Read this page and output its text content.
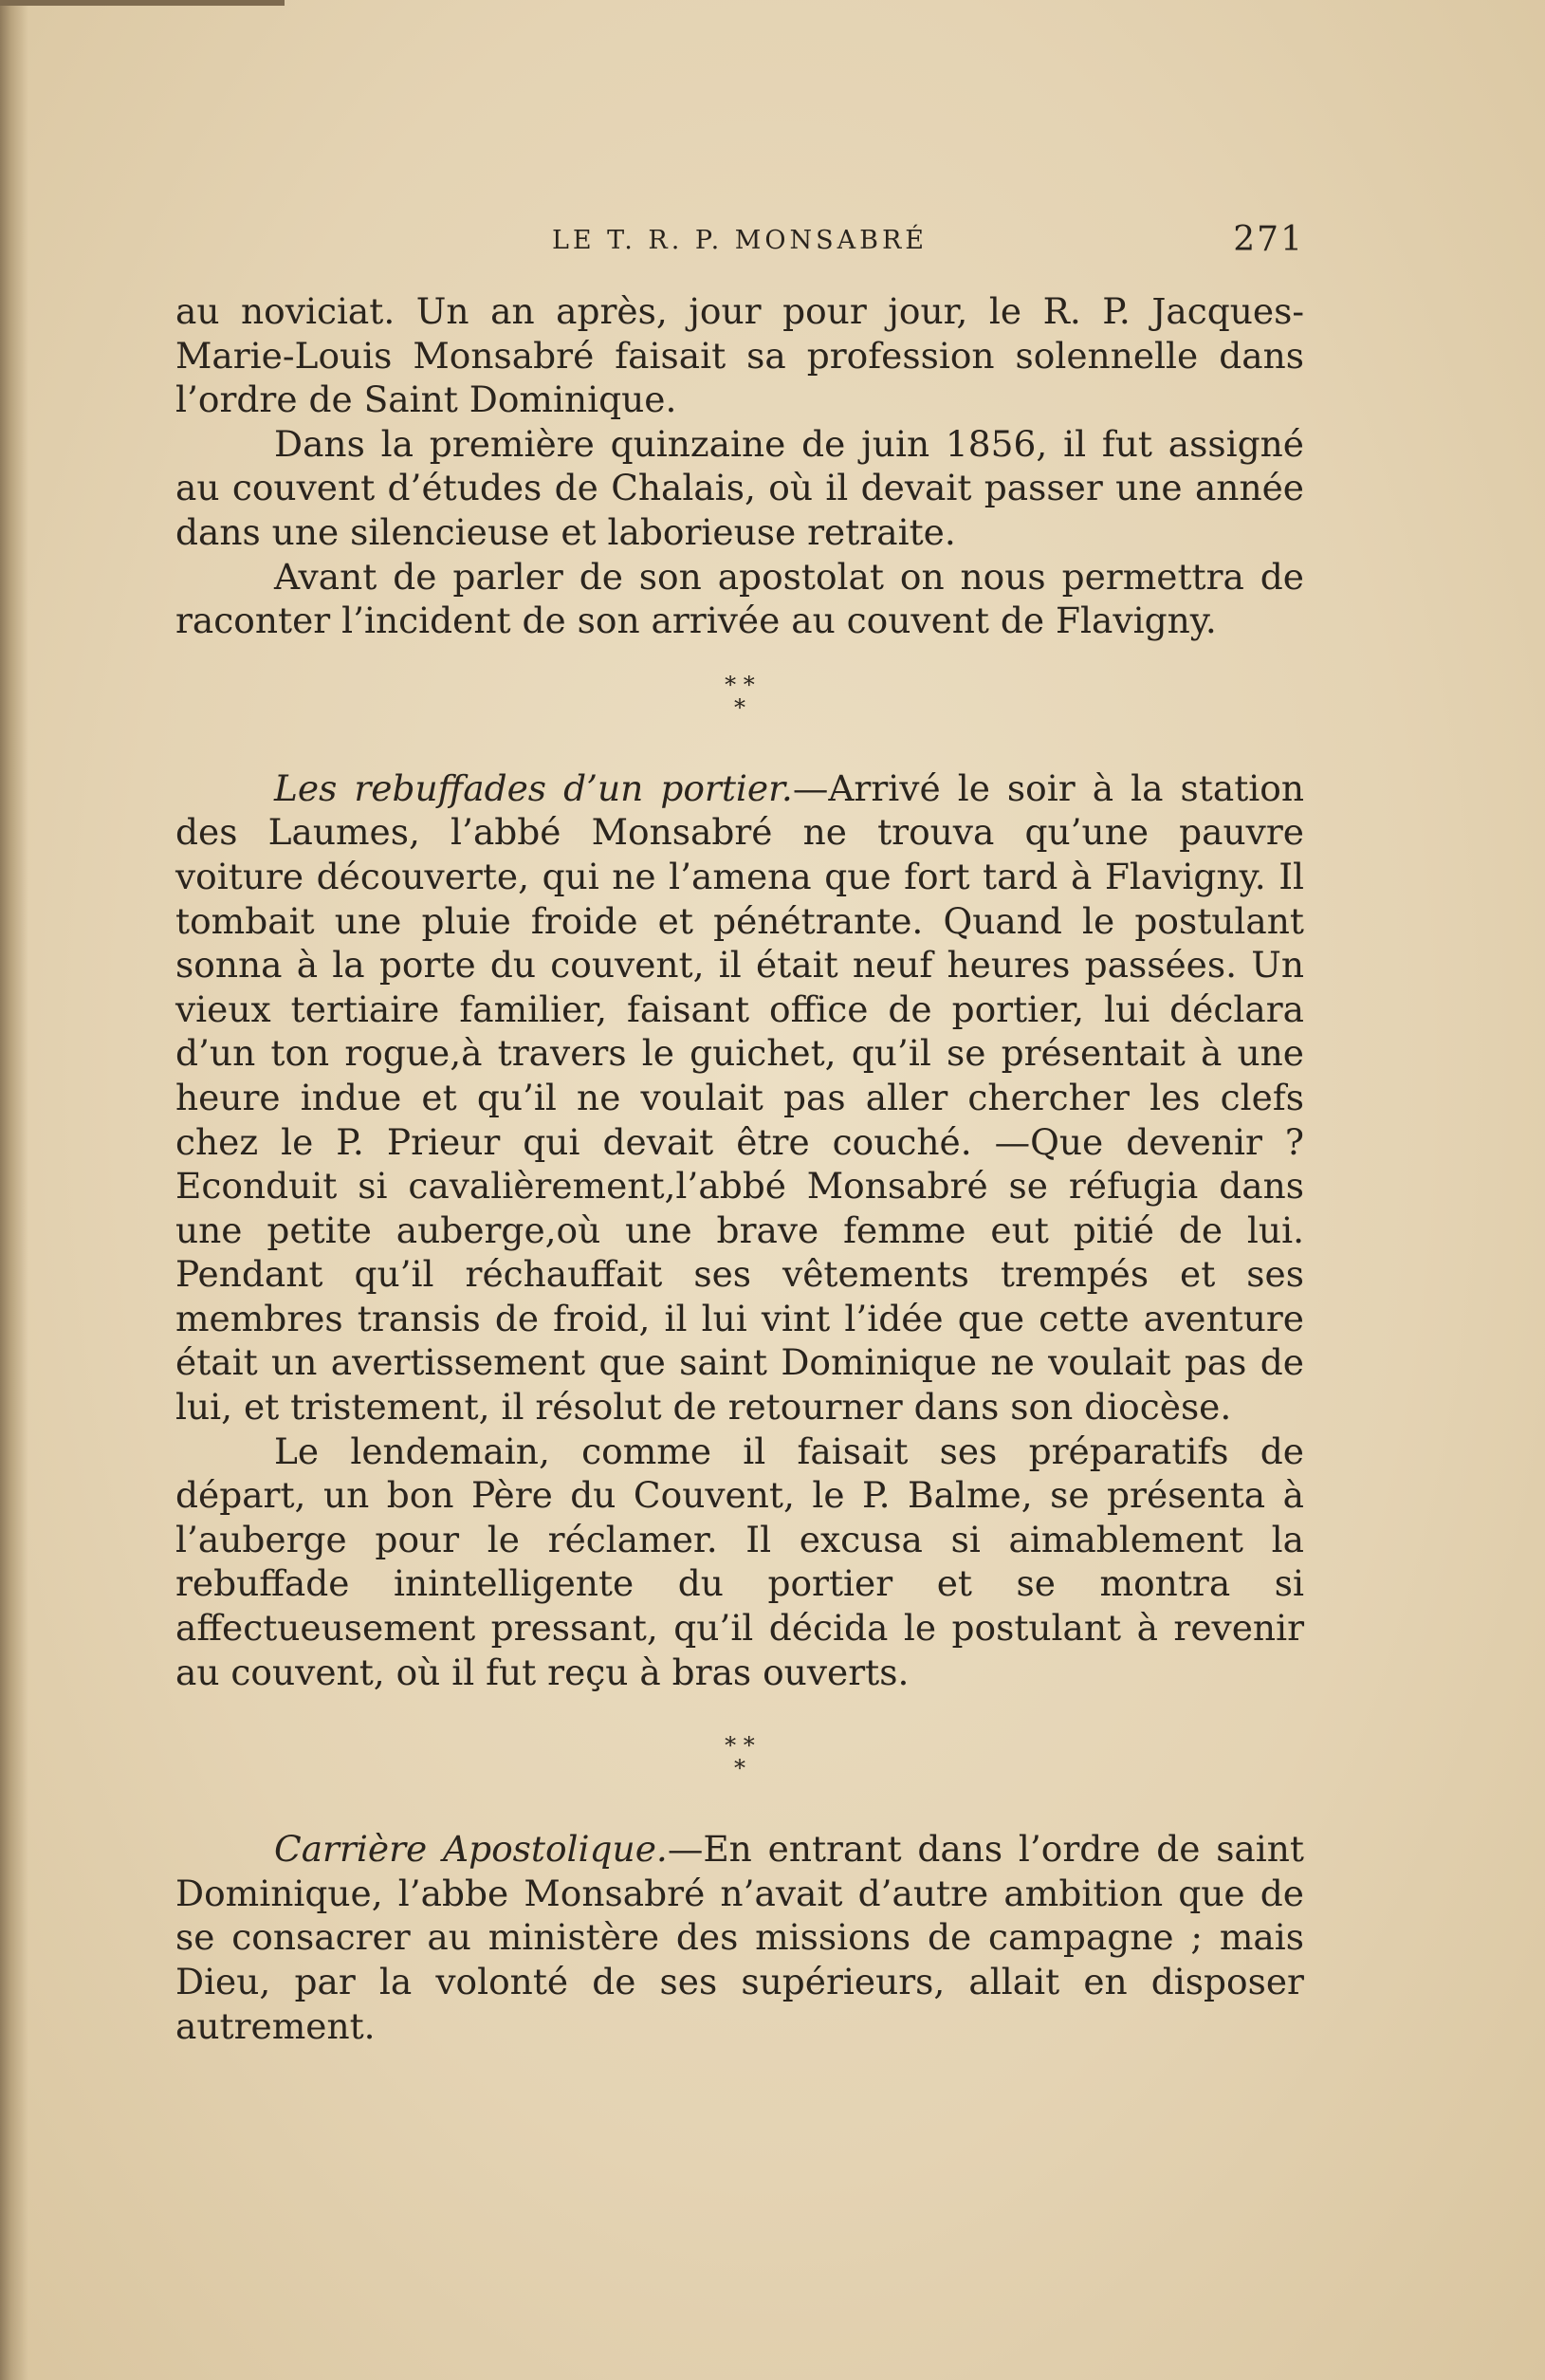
LE T. R. P. MONSABRÉ	271

au noviciat. Un an après, jour pour jour, le R. P. Jacques-Marie-Louis Monsabré faisait sa profession solennelle dans l’ordre de Saint Dominique.

Dans la première quinzaine de juin 1856, il fut assigné au couvent d’études de Chalais, où il devait passer une année dans une silencieuse et laborieuse retraite.

Avant de parler de son apostolat on nous permettra de raconter l’incident de son arrivée au couvent de Flavigny.

* *
*

Les rebuffades d’un portier.—Arrivé le soir à la station des Laumes, l’abbé Monsabré ne trouva qu’une pauvre voiture découverte, qui ne l’amena que fort tard à Flavigny. Il tombait une pluie froide et pénétrante. Quand le postulant sonna à la porte du couvent, il était neuf heures passées. Un vieux tertiaire familier, faisant office de portier, lui déclara d’un ton rogue,à travers le guichet, qu’il se présentait à une heure indue et qu’il ne voulait pas aller chercher les clefs chez le P. Prieur qui devait être couché. —Que devenir ? Econduit si cavalièrement,l’abbé Monsabré se réfugia dans une petite auberge,où une brave femme eut pitié de lui. Pendant qu’il réchauffait ses vêtements trempés et ses membres transis de froid, il lui vint l’idée que cette aventure était un avertissement que saint Dominique ne voulait pas de lui, et tristement, il résolut de retourner dans son diocèse.

Le lendemain, comme il faisait ses préparatifs de départ, un bon Père du Couvent, le P. Balme, se présenta à l’auberge pour le réclamer. Il excusa si aimablement la rebuffade inintelligente du portier et se montra si affectueusement pressant, qu’il décida le postulant à revenir au couvent, où il fut reçu à bras ouverts.

* *
*

Carrière Apostolique.—En entrant dans l’ordre de saint Dominique, l’abbe Monsabré n’avait d’autre ambition que de se consacrer au ministère des missions de campagne ; mais Dieu, par la volonté de ses supérieurs, allait en disposer autrement.
